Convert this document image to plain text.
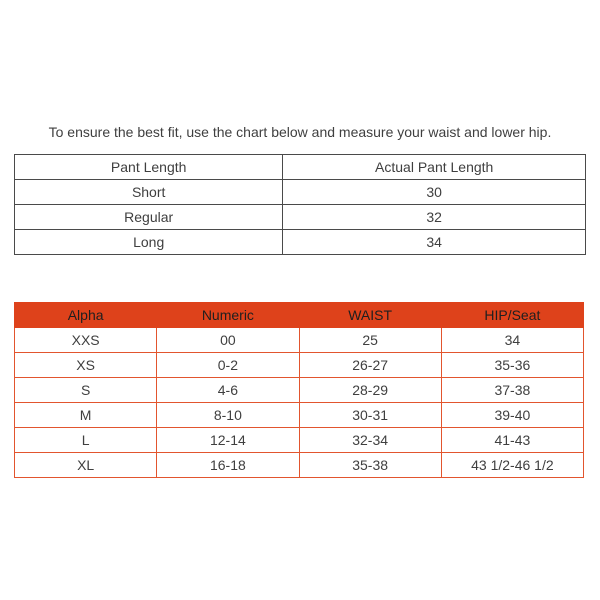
To ensure the best fit, use the chart below and measure your waist and lower hip.

Pant Length	Actual Pant Length
Short	30
Regular	32
Long	34
Alpha	Numeric	WAIST	HIP/Seat
XXS	00	25	34
XS	0-2	26-27	35-36
S	4-6	28-29	37-38
M	8-10	30-31	39-40
L	12-14	32-34	41-43
XL	16-18	35-38	43 1/2-46 1/2
